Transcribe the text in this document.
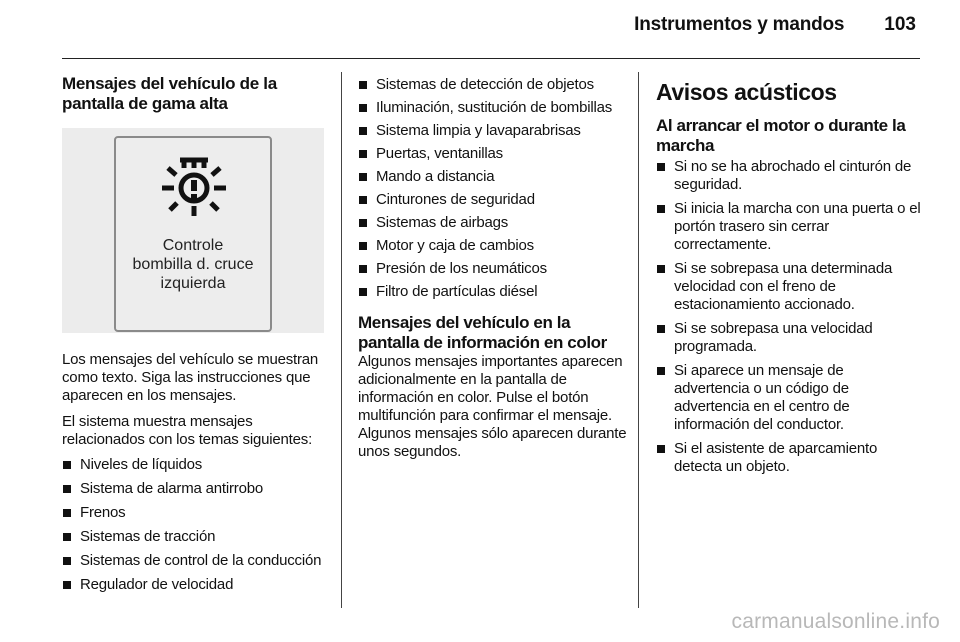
Instrumentos y mandos 103
Mensajes del vehículo de la pantalla de gama alta
Controle
bombilla d. cruce
izquierda
Los mensajes del vehículo se muestran como texto. Siga las instrucciones que aparecen en los mensajes.
El sistema muestra mensajes relacionados con los temas siguientes:
Niveles de líquidos
Sistema de alarma antirrobo
Frenos
Sistemas de tracción
Sistemas de control de la conducción
Regulador de velocidad
Sistemas de detección de objetos
Iluminación, sustitución de bombillas
Sistema limpia y lavaparabrisas
Puertas, ventanillas
Mando a distancia
Cinturones de seguridad
Sistemas de airbags
Motor y caja de cambios
Presión de los neumáticos
Filtro de partículas diésel
Mensajes del vehículo en la pantalla de información en color
Algunos mensajes importantes aparecen adicionalmente en la pantalla de información en color. Pulse el botón multifunción para confirmar el mensaje. Algunos mensajes sólo aparecen durante unos segundos.
Avisos acústicos
Al arrancar el motor o durante la marcha
Si no se ha abrochado el cinturón de seguridad.
Si inicia la marcha con una puerta o el portón trasero sin cerrar correctamente.
Si se sobrepasa una determinada velocidad con el freno de estacionamiento accionado.
Si se sobrepasa una velocidad programada.
Si aparece un mensaje de advertencia o un código de advertencia en el centro de información del conductor.
Si el asistente de aparcamiento detecta un objeto.
carmanualsonline.info
